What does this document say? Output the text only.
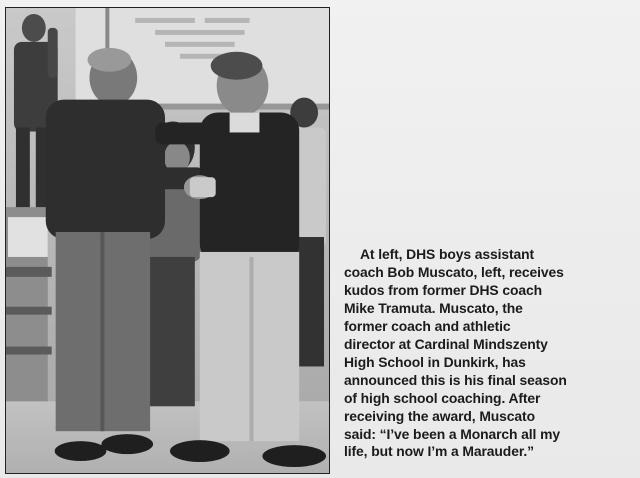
At left, DHS boys assistant
coach Bob Muscato, left, receives
kudos from former DHS coach
Mike Tramuta. Muscato, the
former coach and athletic
director at Cardinal Mindszenty
High School in Dunkirk, has
announced this is his final season
of high school coaching. After
receiving the award, Muscato
said: “I’ve been a Monarch all my
life, but now I’m a Marauder.”
